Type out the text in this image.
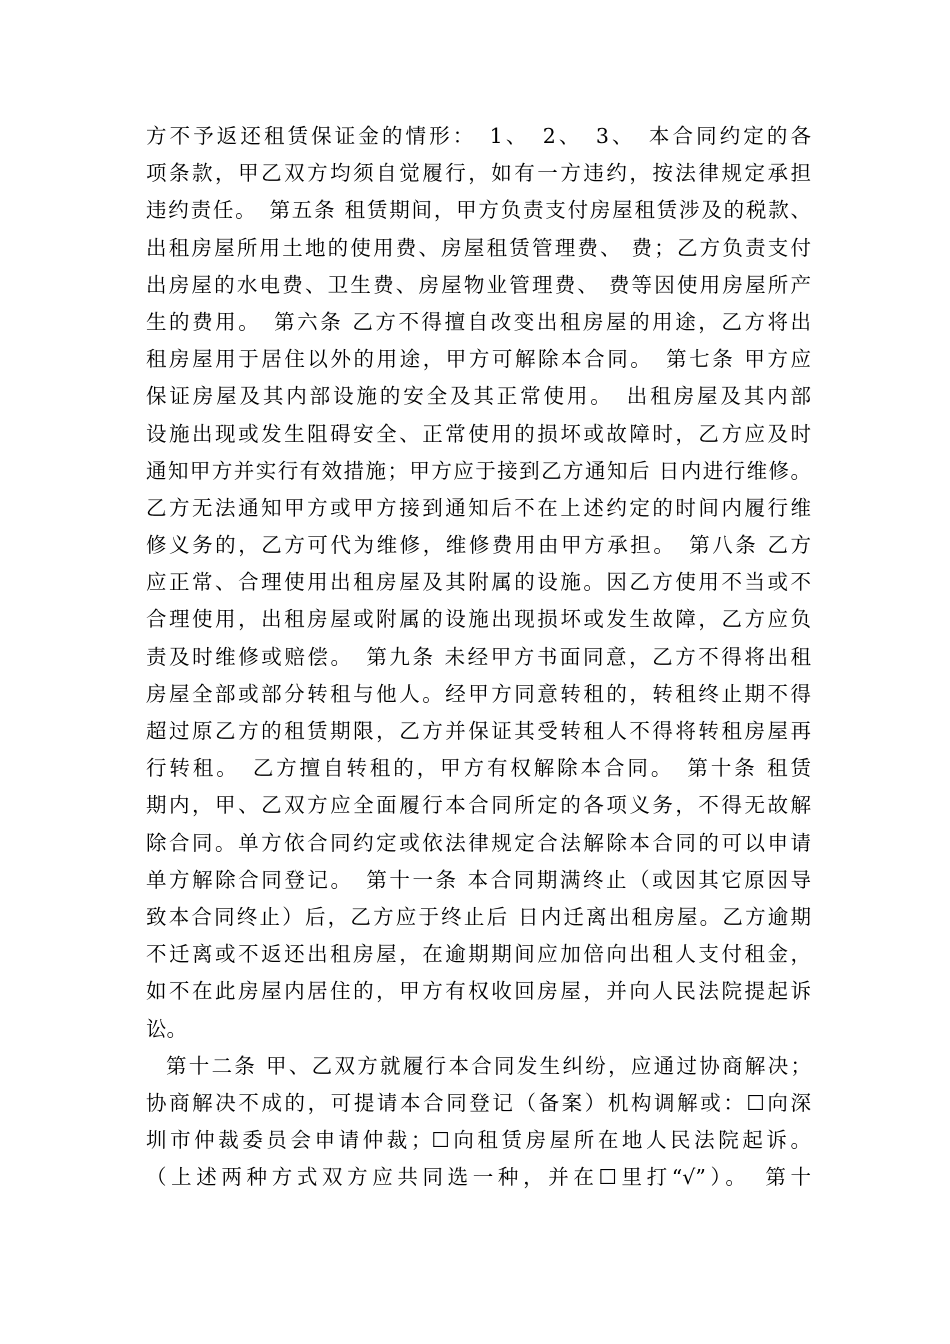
方不予返还租赁保证金的情形：　1、　2、　3、　本合同约定的各
项条款，甲乙双方均须自觉履行，如有一方违约，按法律规定承担
违约责任。　第五条 租赁期间，甲方负责支付房屋租赁涉及的税款、
出租房屋所用土地的使用费、房屋租赁管理费、 费；乙方负责支付
出房屋的水电费、卫生费、房屋物业管理费、 费等因使用房屋所产
生的费用。　第六条 乙方不得擅自改变出租房屋的用途，乙方将出
租房屋用于居住以外的用途，甲方可解除本合同。　第七条 甲方应
保证房屋及其内部设施的安全及其正常使用。　出租房屋及其内部
设施出现或发生阻碍安全、正常使用的损坏或故障时，乙方应及时
通知甲方并实行有效措施；甲方应于接到乙方通知后 日内进行维修。
乙方无法通知甲方或甲方接到通知后不在上述约定的时间内履行维
修义务的，乙方可代为维修，维修费用由甲方承担。　第八条 乙方
应正常、合理使用出租房屋及其附属的设施。因乙方使用不当或不
合理使用，出租房屋或附属的设施出现损坏或发生故障，乙方应负
责及时维修或赔偿。　第九条 未经甲方书面同意，乙方不得将出租
房屋全部或部分转租与他人。经甲方同意转租的，转租终止期不得
超过原乙方的租赁期限，乙方并保证其受转租人不得将转租房屋再
行转租。　乙方擅自转租的，甲方有权解除本合同。　第十条 租赁
期内，甲、乙双方应全面履行本合同所定的各项义务，不得无故解
除合同。单方依合同约定或依法律规定合法解除本合同的可以申请
单方解除合同登记。　第十一条 本合同期满终止（或因其它原因导
致本合同终止）后，乙方应于终止后 日内迁离出租房屋。乙方逾期
不迁离或不返还出租房屋，在逾期期间应加倍向出租人支付租金，
如不在此房屋内居住的，甲方有权收回房屋，并向人民法院提起诉
讼。
第十二条 甲、乙双方就履行本合同发生纠纷，应通过协商解决；
协商解决不成的，可提请本合同登记（备案）机构调解或：☐向深
圳市仲裁委员会申请仲裁；☐向租赁房屋所在地人民法院起诉。
（上述两种方式双方应共同选一种，并在☐里打“√”）。　第十
